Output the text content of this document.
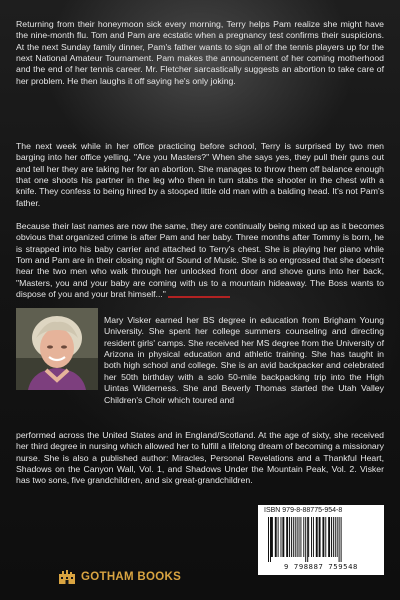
Returning from their honeymoon sick every morning, Terry helps Pam realize she might have the nine-month flu. Tom and Pam are ecstatic when a pregnancy test confirms their suspicions. At the next Sunday family dinner, Pam's father wants to sign all of the tennis players up for the next National Amateur Tournament. Pam makes the announcement of her coming motherhood and the end of her tennis career. Mr. Fletcher sarcastically suggests an abortion to take care of her problem. He then laughs it off saying he's only joking.

The next week while in her office practicing before school, Terry is surprised by two men barging into her office yelling, "Are you Masters?" When she says yes, they pull their guns out and tell her they are taking her for an abortion. She manages to throw them off balance enough that one shoots his partner in the leg who then in turn stabs the shooter in the chest with a knife. They confess to being hired by a stooped little old man with a balding head. It's not Pam's father.

Because their last names are now the same, they are continually being mixed up as it becomes obvious that organized crime is after Pam and her baby. Three months after Tommy is born, he is strapped into his baby carrier and attached to Terry's chest. She is playing her piano while Tom and Pam are in their closing night of Sound of Music. She is so engrossed that she doesn't hear the two men who walk through her unlocked front door and shove guns into her back, "Masters, you and your baby are coming with us to a mountain hideaway. The Boss wants to dispose of you and your brat himself..."

Mary Visker earned her BS degree in education from Brigham Young University. She spent her college summers counseling and directing resident girls' camps. She received her MS degree from the University of Arizona in physical education and athletic training. She has taught in both high school and college. She is an avid backpacker and celebrated her 50th birthday with a solo 50-mile backpacking trip into the High Uintas Wilderness. She and Beverly Thomas started the Utah Valley Children's Choir which toured and

performed across the United States and in England/Scotland. At the age of sixty, she received her third degree in nursing which allowed her to fulfill a lifelong dream of becoming a missionary nurse. She is also a published author: Miracles, Personal Revelations and a Thankful Heart, Shadows on the Canyon Wall, Vol. 1, and Shadows Under the Mountain Peak, Vol. 2. Visker has two sons, five grandchildren, and six great-grandchildren.

GOTHAM BOOKS
ISBN 979-8-88775-954-8
9 798887 759548
